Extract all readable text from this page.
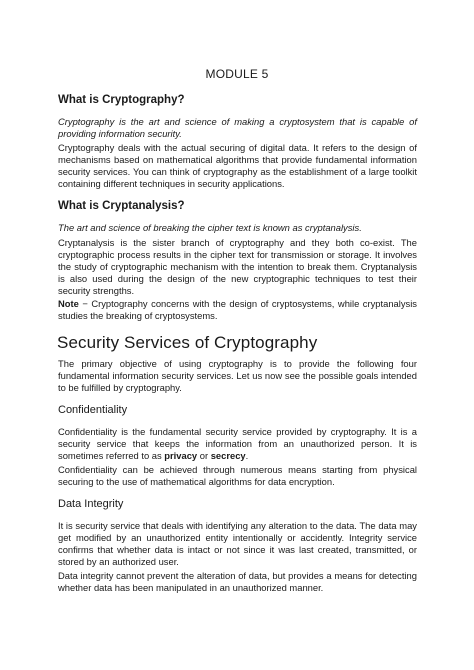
MODULE 5
What is Cryptography?

Cryptography is the art and science of making a cryptosystem that is capable of providing information security.

Cryptography deals with the actual securing of digital data. It refers to the design of mechanisms based on mathematical algorithms that provide fundamental information security services. You can think of cryptography as the establishment of a large toolkit containing different techniques in security applications.

What is Cryptanalysis?

The art and science of breaking the cipher text is known as cryptanalysis.

Cryptanalysis is the sister branch of cryptography and they both co-exist. The cryptographic process results in the cipher text for transmission or storage. It involves the study of cryptographic mechanism with the intention to break them. Cryptanalysis is also used during the design of the new cryptographic techniques to test their security strengths.

Note − Cryptography concerns with the design of cryptosystems, while cryptanalysis studies the breaking of cryptosystems.

Security Services of Cryptography

The primary objective of using cryptography is to provide the following four fundamental information security services. Let us now see the possible goals intended to be fulfilled by cryptography.

Confidentiality

Confidentiality is the fundamental security service provided by cryptography. It is a security service that keeps the information from an unauthorized person. It is sometimes referred to as privacy or secrecy.

Confidentiality can be achieved through numerous means starting from physical securing to the use of mathematical algorithms for data encryption.

Data Integrity

It is security service that deals with identifying any alteration to the data. The data may get modified by an unauthorized entity intentionally or accidently. Integrity service confirms that whether data is intact or not since it was last created, transmitted, or stored by an authorized user.

Data integrity cannot prevent the alteration of data, but provides a means for detecting whether data has been manipulated in an unauthorized manner.
